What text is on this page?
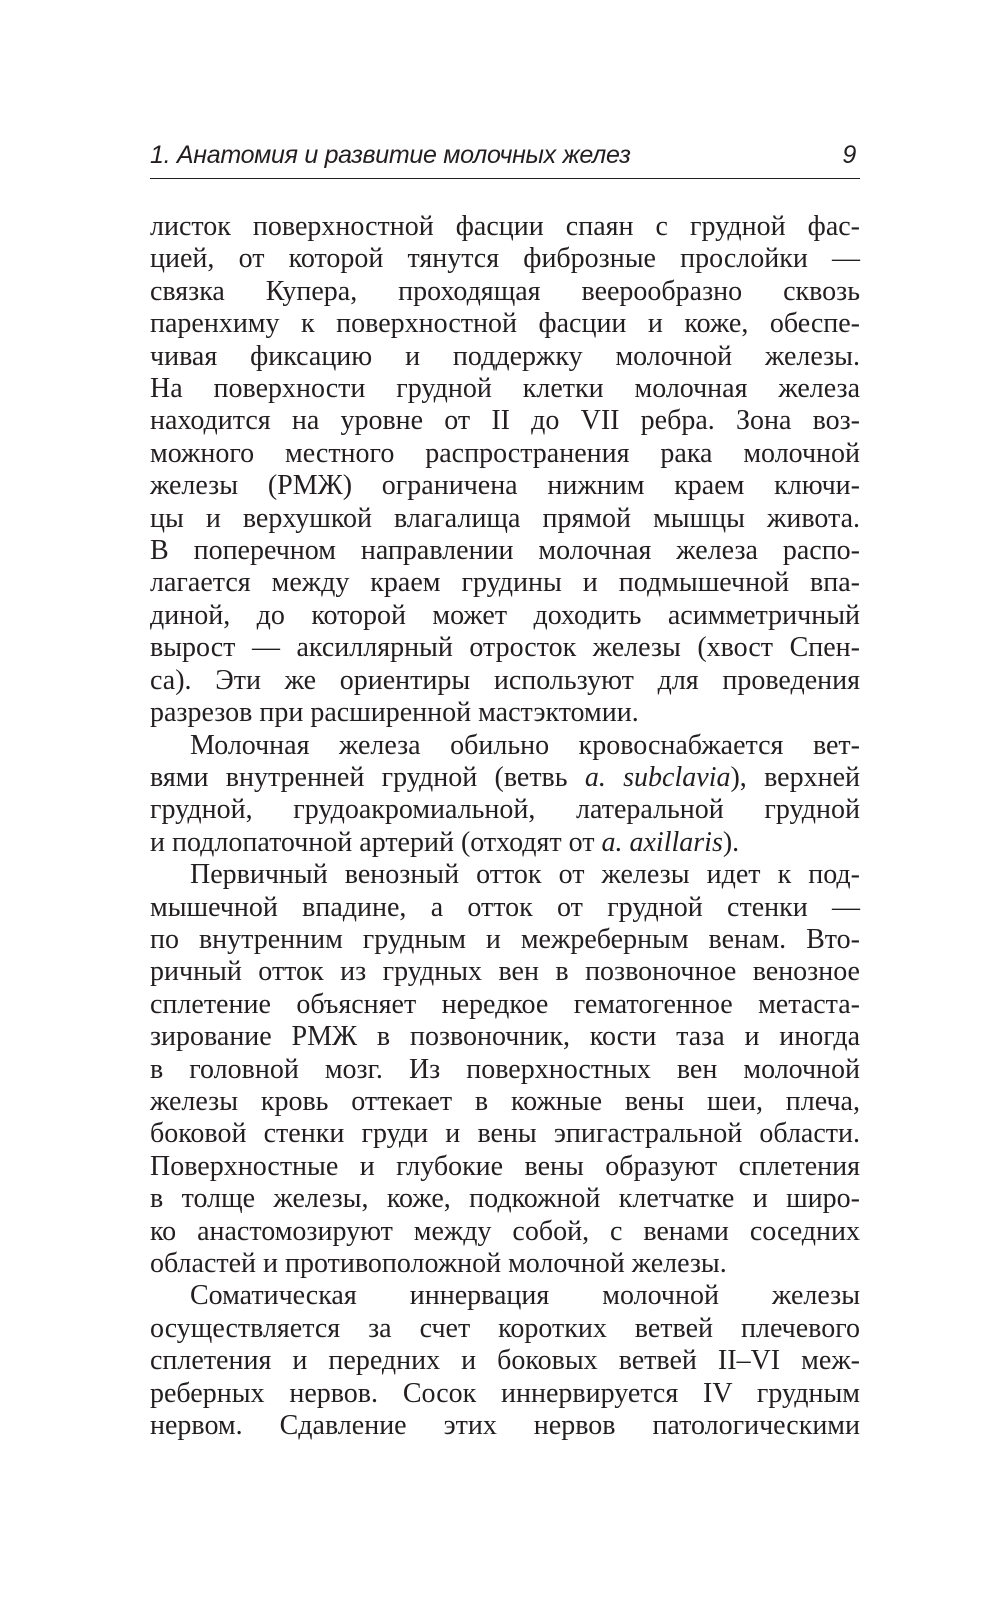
1. Анатомия и развитие молочных желез	9
листок поверхностной фасции спаян с грудной фас-
цией, от которой тянутся фиброзные прослойки —
связка Купера, проходящая веерообразно сквозь
паренхиму к поверхностной фасции и коже, обеспе-
чивая фиксацию и поддержку молочной железы.
На поверхности грудной клетки молочная железа
находится на уровне от II до VII ребра. Зона воз-
можного местного распространения рака молочной
железы (РМЖ) ограничена нижним краем ключи-
цы и верхушкой влагалища прямой мышцы живота.
В поперечном направлении молочная железа распо-
лагается между краем грудины и подмышечной впа-
диной, до которой может доходить асимметричный
вырост — аксиллярный отросток железы (хвост Спен-
са). Эти же ориентиры используют для проведения
разрезов при расширенной мастэктомии.
Молочная железа обильно кровоснабжается вет-
вями внутренней грудной (ветвь a. subclavia), верхней
грудной, грудоакромиальной, латеральной грудной
и подлопаточной артерий (отходят от a. axillaris).
Первичный венозный отток от железы идет к под-
мышечной впадине, а отток от грудной стенки —
по внутренним грудным и межреберным венам. Вто-
ричный отток из грудных вен в позвоночное венозное
сплетение объясняет нередкое гематогенное метаста-
зирование РМЖ в позвоночник, кости таза и иногда
в головной мозг. Из поверхностных вен молочной
железы кровь оттекает в кожные вены шеи, плеча,
боковой стенки груди и вены эпигастральной области.
Поверхностные и глубокие вены образуют сплетения
в толще железы, коже, подкожной клетчатке и широ-
ко анастомозируют между собой, с венами соседних
областей и противоположной молочной железы.
Соматическая иннервация молочной железы
осуществляется за счет коротких ветвей плечевого
сплетения и передних и боковых ветвей II–VI меж-
реберных нервов. Сосок иннервируется IV грудным
нервом. Сдавление этих нервов патологическими
